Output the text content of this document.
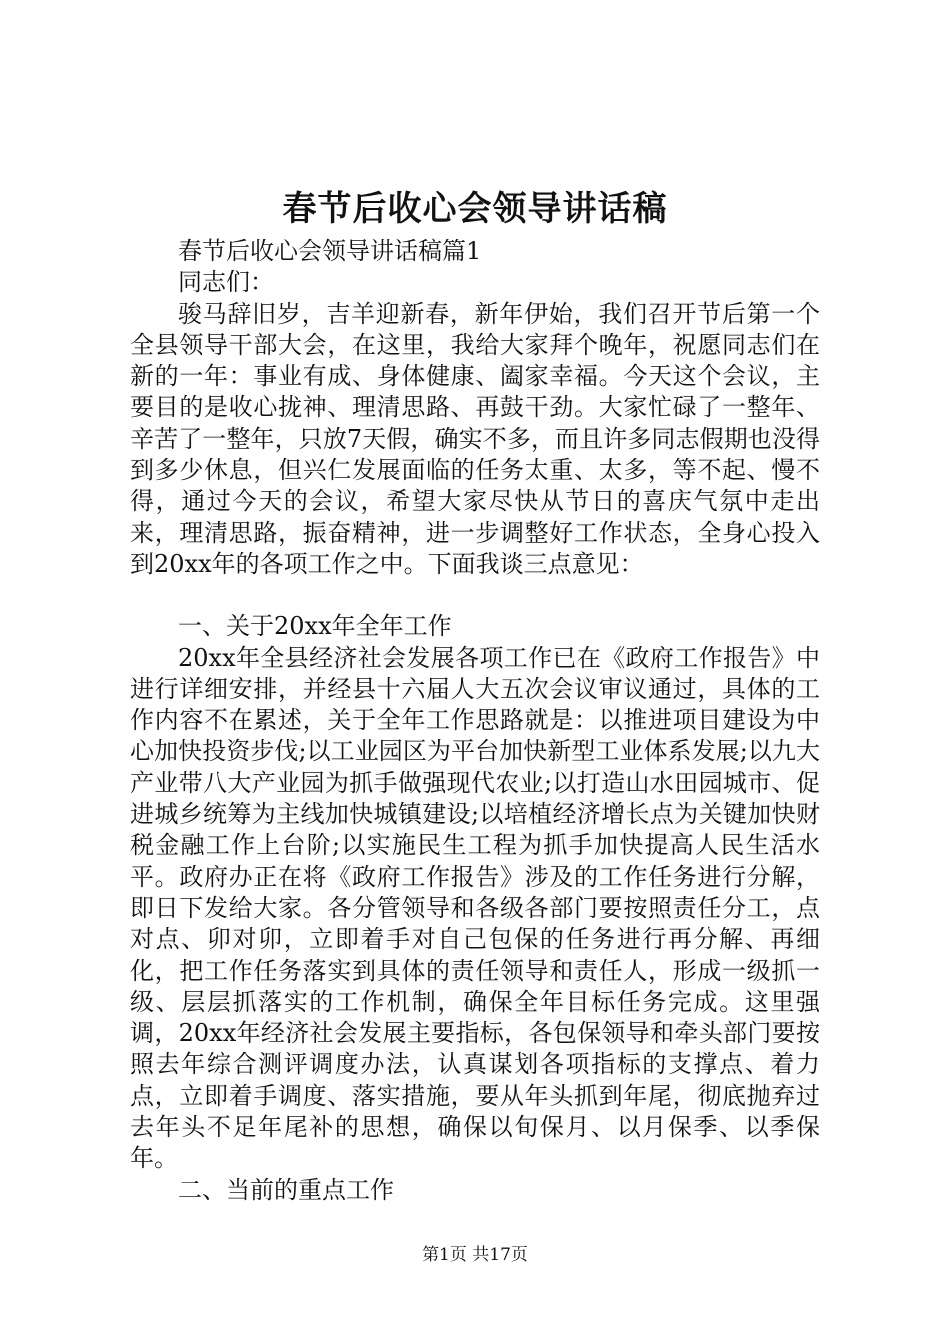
春节后收心会领导讲话稿

春节后收心会领导讲话稿篇1

同志们：

骏马辞旧岁，吉羊迎新春，新年伊始，我们召开节后第一个全县领导干部大会，在这里，我给大家拜个晚年，祝愿同志们在新的一年：事业有成、身体健康、阖家幸福。今天这个会议，主要目的是收心拢神、理清思路、再鼓干劲。大家忙碌了一整年、辛苦了一整年，只放7天假，确实不多，而且许多同志假期也没得到多少休息，但兴仁发展面临的任务太重、太多，等不起、慢不得，通过今天的会议，希望大家尽快从节日的喜庆气氛中走出来，理清思路，振奋精神，进一步调整好工作状态，全身心投入到20xx年的各项工作之中。下面我谈三点意见：

一、关于20xx年全年工作

20xx年全县经济社会发展各项工作已在《政府工作报告》中进行详细安排，并经县十六届人大五次会议审议通过，具体的工作内容不在累述，关于全年工作思路就是：以推进项目建设为中心加快投资步伐;以工业园区为平台加快新型工业体系发展;以九大产业带八大产业园为抓手做强现代农业;以打造山水田园城市、促进城乡统筹为主线加快城镇建设;以培植经济增长点为关键加快财税金融工作上台阶;以实施民生工程为抓手加快提高人民生活水平。政府办正在将《政府工作报告》涉及的工作任务进行分解，即日下发给大家。各分管领导和各级各部门要按照责任分工，点对点、卯对卯，立即着手对自己包保的任务进行再分解、再细化，把工作任务落实到具体的责任领导和责任人，形成一级抓一级、层层抓落实的工作机制，确保全年目标任务完成。这里强调，20xx年经济社会发展主要指标，各包保领导和牵头部门要按照去年综合测评调度办法，认真谋划各项指标的支撑点、着力点，立即着手调度、落实措施，要从年头抓到年尾，彻底抛弃过去年头不足年尾补的思想，确保以旬保月、以月保季、以季保年。

二、当前的重点工作

第1页 共17页
